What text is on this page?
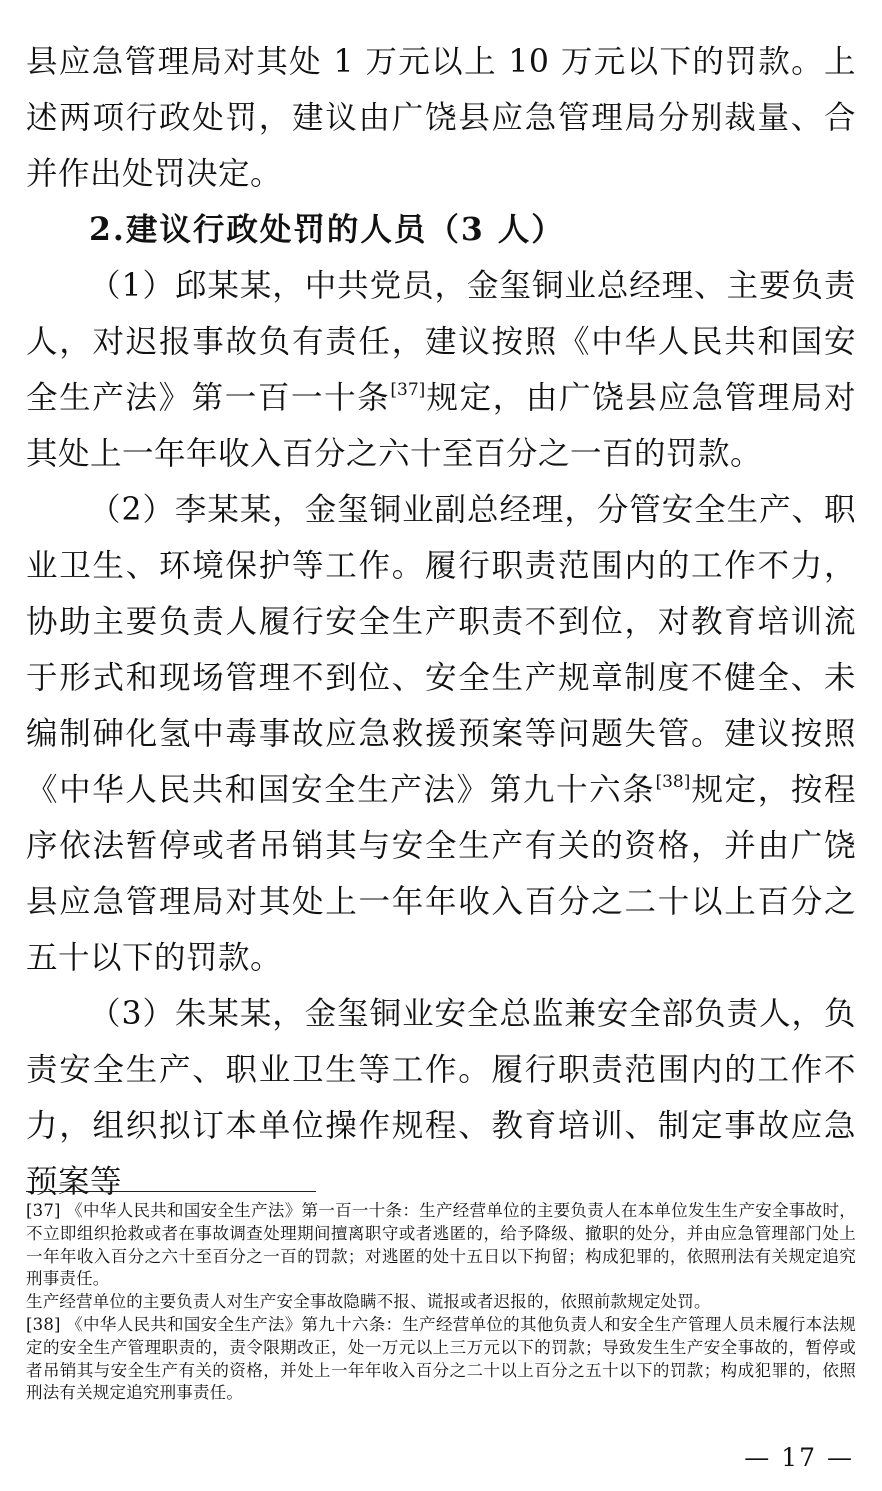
县应急管理局对其处 1 万元以上 10 万元以下的罚款。上述两项行政处罚，建议由广饶县应急管理局分别裁量、合并作出处罚决定。

2.建议行政处罚的人员（3 人）

（1）邱某某，中共党员，金玺铜业总经理、主要负责人，对迟报事故负有责任，建议按照《中华人民共和国安全生产法》第一百一十条[37]规定，由广饶县应急管理局对其处上一年年收入百分之六十至百分之一百的罚款。

（2）李某某，金玺铜业副总经理，分管安全生产、职业卫生、环境保护等工作。履行职责范围内的工作不力，协助主要负责人履行安全生产职责不到位，对教育培训流于形式和现场管理不到位、安全生产规章制度不健全、未编制砷化氢中毒事故应急救援预案等问题失管。建议按照《中华人民共和国安全生产法》第九十六条[38]规定，按程序依法暂停或者吊销其与安全生产有关的资格，并由广饶县应急管理局对其处上一年年收入百分之二十以上百分之五十以下的罚款。

（3）朱某某，金玺铜业安全总监兼安全部负责人，负责安全生产、职业卫生等工作。履行职责范围内的工作不力，组织拟订本单位操作规程、教育培训、制定事故应急预案等

[37] 《中华人民共和国安全生产法》第一百一十条：生产经营单位的主要负责人在本单位发生生产安全事故时，不立即组织抢救或者在事故调查处理期间擅离职守或者逃匿的，给予降级、撤职的处分，并由应急管理部门处上一年年收入百分之六十至百分之一百的罚款；对逃匿的处十五日以下拘留；构成犯罪的，依照刑法有关规定追究刑事责任。

生产经营单位的主要负责人对生产安全事故隐瞒不报、谎报或者迟报的，依照前款规定处罚。

[38] 《中华人民共和国安全生产法》第九十六条：生产经营单位的其他负责人和安全生产管理人员未履行本法规定的安全生产管理职责的，责令限期改正，处一万元以上三万元以下的罚款；导致发生生产安全事故的，暂停或者吊销其与安全生产有关的资格，并处上一年年收入百分之二十以上百分之五十以下的罚款；构成犯罪的，依照刑法有关规定追究刑事责任。

— 17 —
